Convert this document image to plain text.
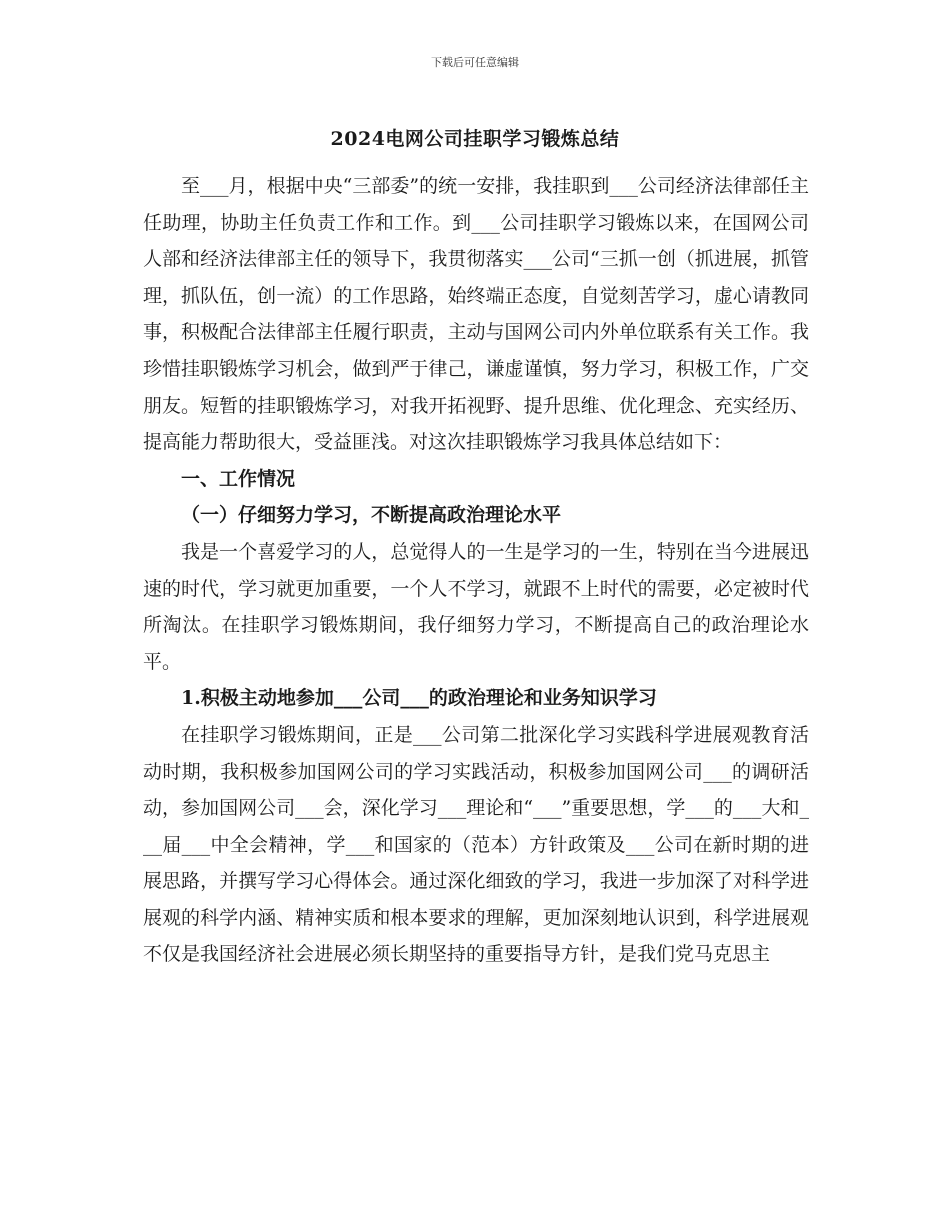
下载后可任意编辑
2024电网公司挂职学习锻炼总结

至___月，根据中央“三部委”的统一安排，我挂职到___公司经济法律部任主任助理，协助主任负责工作和工作。到___公司挂职学习锻炼以来，在国网公司人部和经济法律部主任的领导下，我贯彻落实___公司“三抓一创（抓进展，抓管理，抓队伍，创一流）的工作思路，始终端正态度，自觉刻苦学习，虚心请教同事，积极配合法律部主任履行职责，主动与国网公司内外单位联系有关工作。我珍惜挂职锻炼学习机会，做到严于律己，谦虚谨慎，努力学习，积极工作，广交朋友。短暂的挂职锻炼学习，对我开拓视野、提升思维、优化理念、充实经历、提高能力帮助很大，受益匪浅。对这次挂职锻炼学习我具体总结如下：

一、工作情况
（一）仔细努力学习，不断提高政治理论水平

我是一个喜爱学习的人，总觉得人的一生是学习的一生，特别在当今进展迅速的时代，学习就更加重要，一个人不学习，就跟不上时代的需要，必定被时代所淘汰。在挂职学习锻炼期间，我仔细努力学习，不断提高自己的政治理论水平。

1.积极主动地参加___公司___的政治理论和业务知识学习

在挂职学习锻炼期间，正是___公司第二批深化学习实践科学进展观教育活动时期，我积极参加国网公司的学习实践活动，积极参加国网公司___的调研活动，参加国网公司___会，深化学习___理论和“___”重要思想，学___的___大和___届___中全会精神，学___和国家的（范本）方针政策及___公司在新时期的进展思路，并撰写学习心得体会。通过深化细致的学习，我进一步加深了对科学进展观的科学内涵、精神实质和根本要求的理解，更加深刻地认识到，科学进展观不仅是我国经济社会进展必须长期坚持的重要指导方针，是我们党马克思主
